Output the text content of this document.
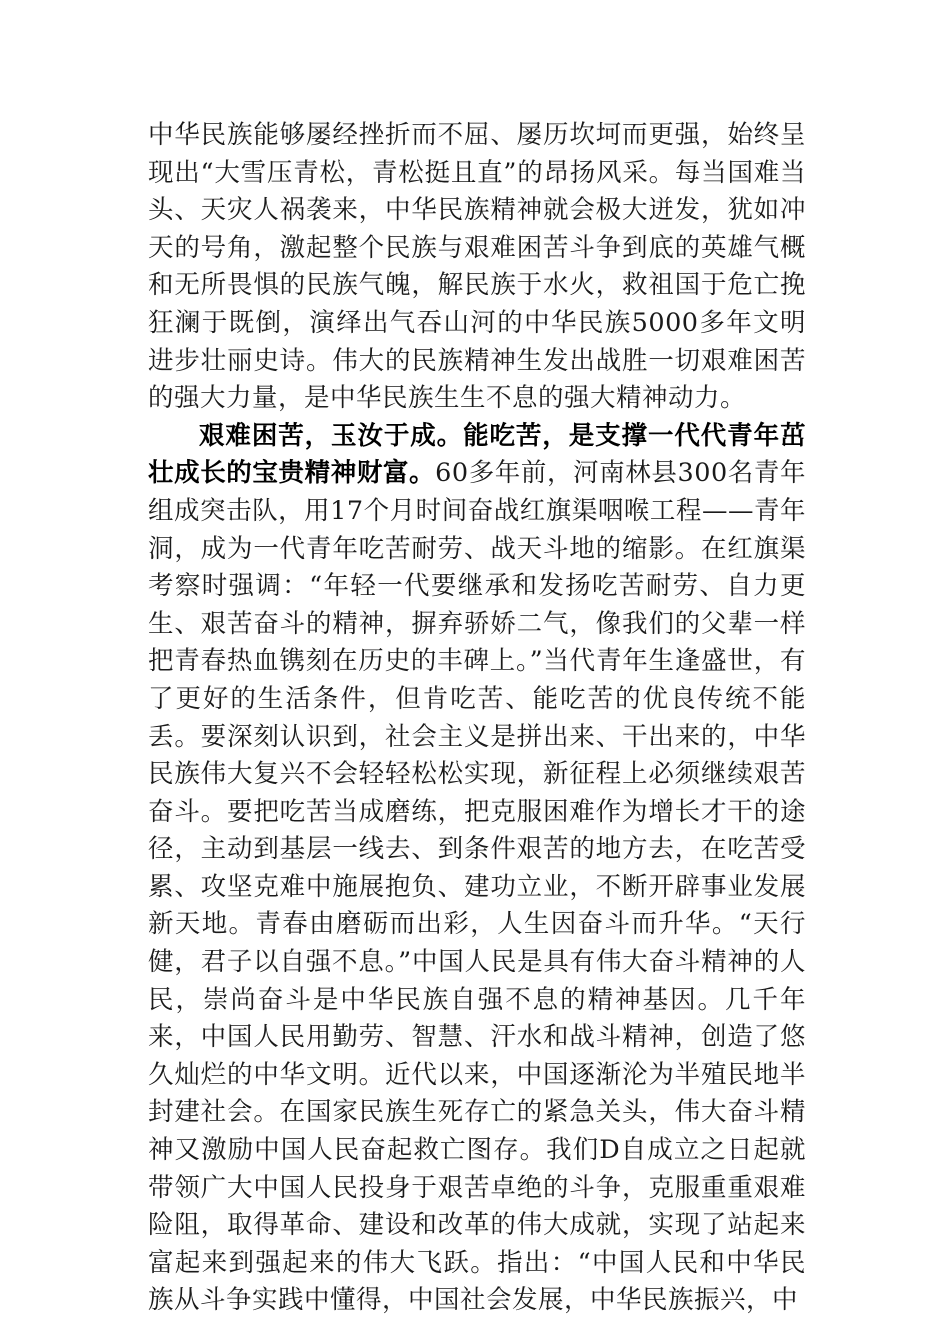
中华民族能够屡经挫折而不屈、屡历坎坷而更强，始终呈现出“大雪压青松，青松挺且直”的昂扬风采。每当国难当头、天灾人祸袭来，中华民族精神就会极大迸发，犹如冲天的号角，激起整个民族与艰难困苦斗争到底的英雄气概和无所畏惧的民族气魄，解民族于水火，救祖国于危亡挽狂澜于既倒，演绎出气吞山河的中华民族5000多年文明进步壮丽史诗。伟大的民族精神生发出战胜一切艰难困苦的强大力量，是中华民族生生不息的强大精神动力。

艰难困苦，玉汝于成。能吃苦，是支撑一代代青年茁壮成长的宝贵精神财富。60多年前，河南林县300名青年组成突击队，用17个月时间奋战红旗渠咽喉工程——青年洞，成为一代青年吃苦耐劳、战天斗地的缩影。在红旗渠考察时强调：“年轻一代要继承和发扬吃苦耐劳、自力更生、艰苦奋斗的精神，摒弃骄娇二气，像我们的父辈一样把青春热血镌刻在历史的丰碑上。”当代青年生逢盛世，有了更好的生活条件，但肯吃苦、能吃苦的优良传统不能丢。要深刻认识到，社会主义是拼出来、干出来的，中华民族伟大复兴不会轻轻松松实现，新征程上必须继续艰苦奋斗。要把吃苦当成磨练，把克服困难作为增长才干的途径，主动到基层一线去、到条件艰苦的地方去，在吃苦受累、攻坚克难中施展抱负、建功立业，不断开辟事业发展新天地。青春由磨砺而出彩，人生因奋斗而升华。“天行健，君子以自强不息。”中国人民是具有伟大奋斗精神的人民，崇尚奋斗是中华民族自强不息的精神基因。几千年来，中国人民用勤劳、智慧、汗水和战斗精神，创造了悠久灿烂的中华文明。近代以来，中国逐渐沦为半殖民地半封建社会。在国家民族生死存亡的紧急关头，伟大奋斗精神又激励中国人民奋起救亡图存。我们D自成立之日起就带领广大中国人民投身于艰苦卓绝的斗争，克服重重艰难险阻，取得革命、建设和改革的伟大成就，实现了站起来富起来到强起来的伟大飞跃。指出：“中国人民和中华民族从斗争实践中懂得，中国社会发展，中华民族振兴，中
